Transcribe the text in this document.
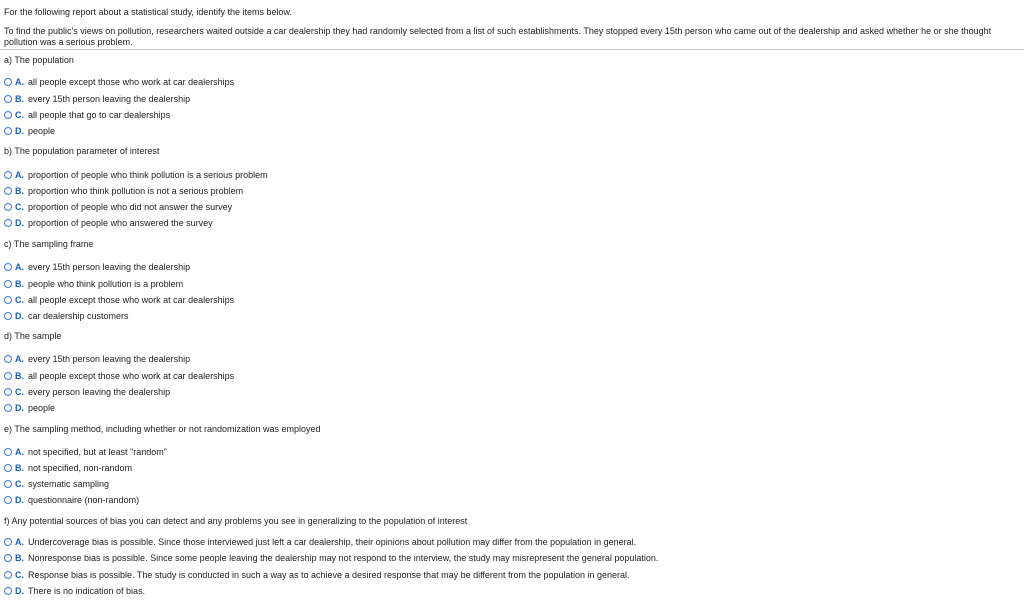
For the following report about a statistical study, identify the items below.
To find the public's views on pollution, researchers waited outside a car dealership they had randomly selected from a list of such establishments. They stopped every 15th person who came out of the dealership and asked whether he or she thought pollution was a serious problem.
a) The population
A. all people except those who work at car dealerships
B. every 15th person leaving the dealership
C. all people that go to car dealerships
D. people
b) The population parameter of interest
A. proportion of people who think pollution is a serious problem
B. proportion who think pollution is not a serious problem
C. proportion of people who did not answer the survey
D. proportion of people who answered the survey
c) The sampling frame
A. every 15th person leaving the dealership
B. people who think pollution is a problem
C. all people except those who work at car dealerships
D. car dealership customers
d) The sample
A. every 15th person leaving the dealership
B. all people except those who work at car dealerships
C. every person leaving the dealership
D. people
e) The sampling method, including whether or not randomization was employed
A. not specified, but at least "random"
B. not specified, non-random
C. systematic sampling
D. questionnaire (non-random)
f) Any potential sources of bias you can detect and any problems you see in generalizing to the population of interest
A. Undercoverage bias is possible. Since those interviewed just left a car dealership, their opinions about pollution may differ from the population in general.
B. Nonresponse bias is possible. Since some people leaving the dealership may not respond to the interview, the study may misrepresent the general population.
C. Response bias is possible. The study is conducted in such a way as to achieve a desired response that may be different from the population in general.
D. There is no indication of bias.
